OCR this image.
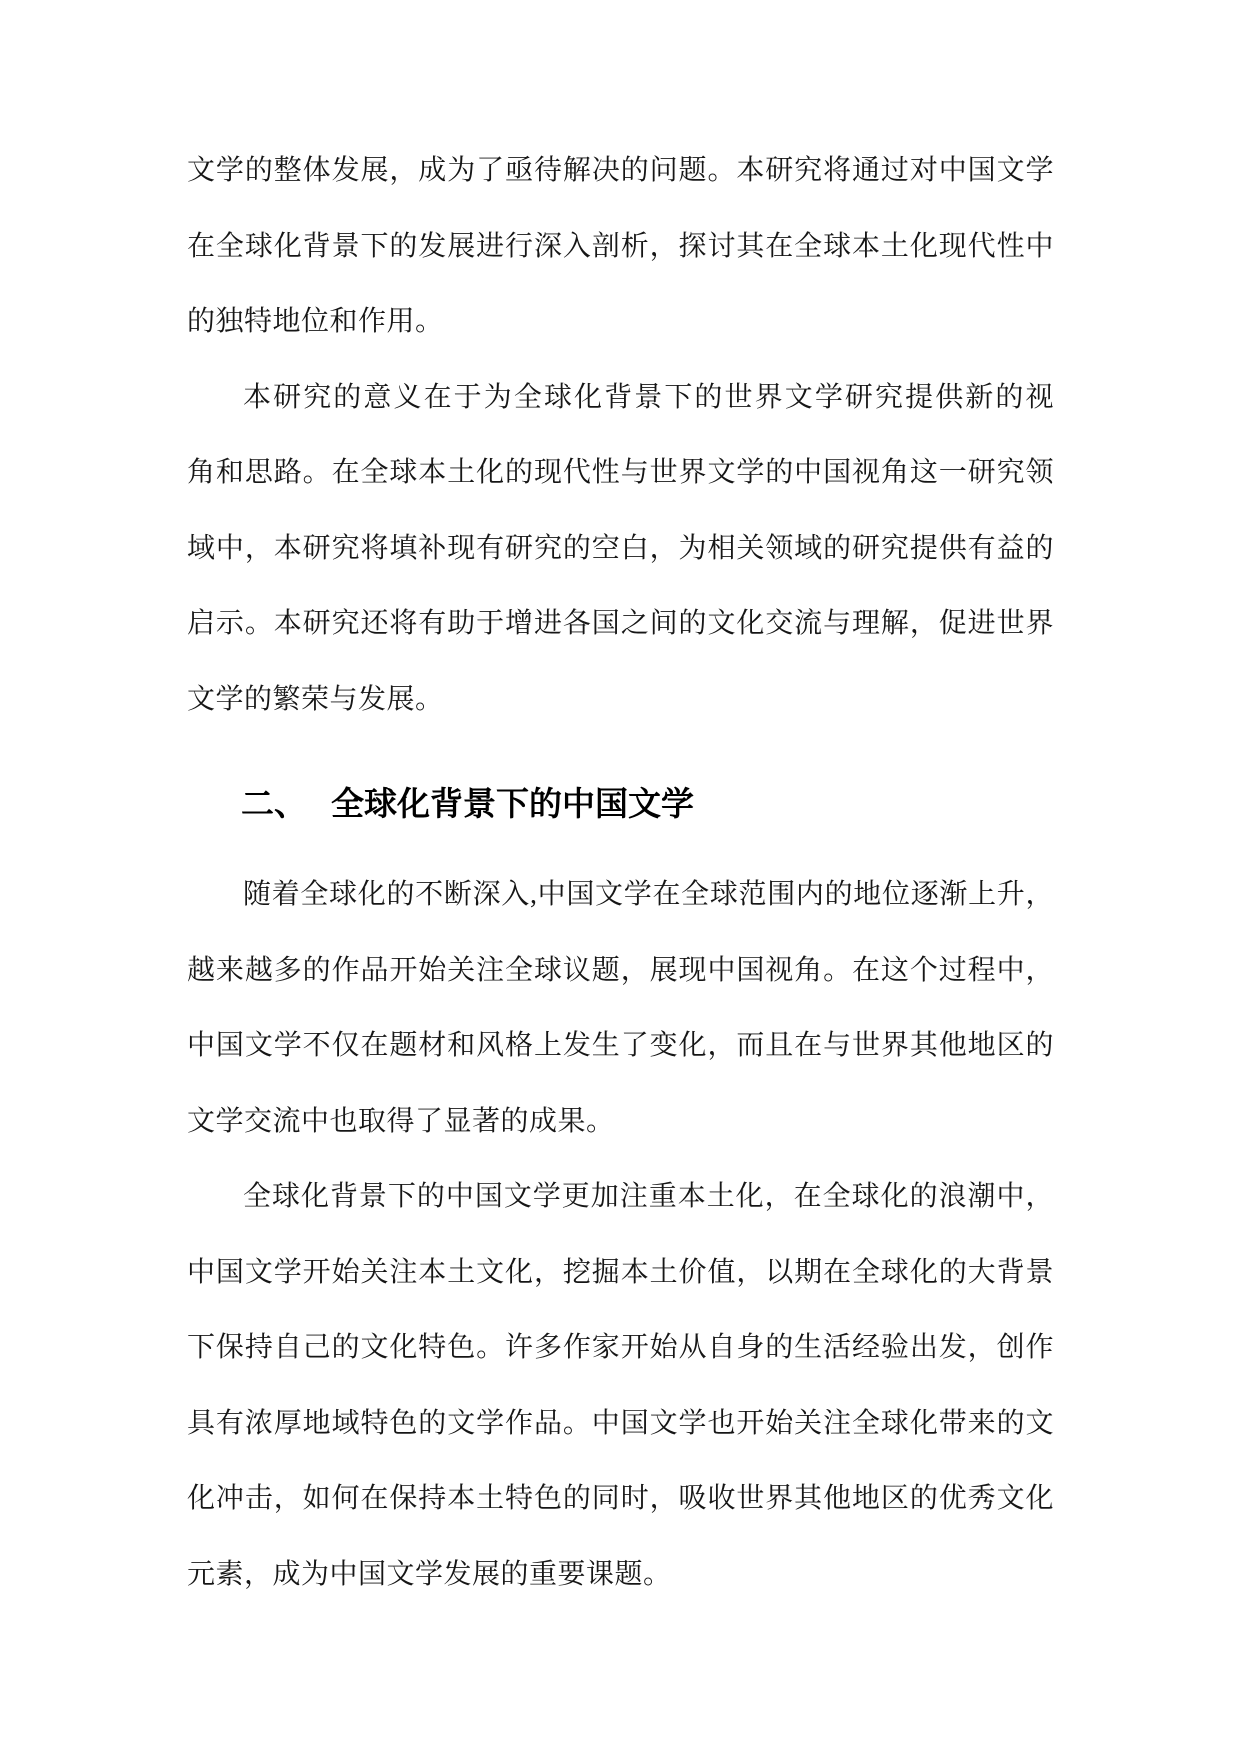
文学的整体发展，成为了亟待解决的问题。本研究将通过对中国文学
在全球化背景下的发展进行深入剖析，探讨其在全球本土化现代性中
的独特地位和作用。
本研究的意义在于为全球化背景下的世界文学研究提供新的视
角和思路。在全球本土化的现代性与世界文学的中国视角这一研究领
域中，本研究将填补现有研究的空白，为相关领域的研究提供有益的
启示。本研究还将有助于增进各国之间的文化交流与理解，促进世界
文学的繁荣与发展。
二、 全球化背景下的中国文学
随着全球化的不断深入,中国文学在全球范围内的地位逐渐上升，
越来越多的作品开始关注全球议题，展现中国视角。在这个过程中，
中国文学不仅在题材和风格上发生了变化，而且在与世界其他地区的
文学交流中也取得了显著的成果。
全球化背景下的中国文学更加注重本土化，在全球化的浪潮中，
中国文学开始关注本土文化，挖掘本土价值，以期在全球化的大背景
下保持自己的文化特色。许多作家开始从自身的生活经验出发，创作
具有浓厚地域特色的文学作品。中国文学也开始关注全球化带来的文
化冲击，如何在保持本土特色的同时，吸收世界其他地区的优秀文化
元素，成为中国文学发展的重要课题。
